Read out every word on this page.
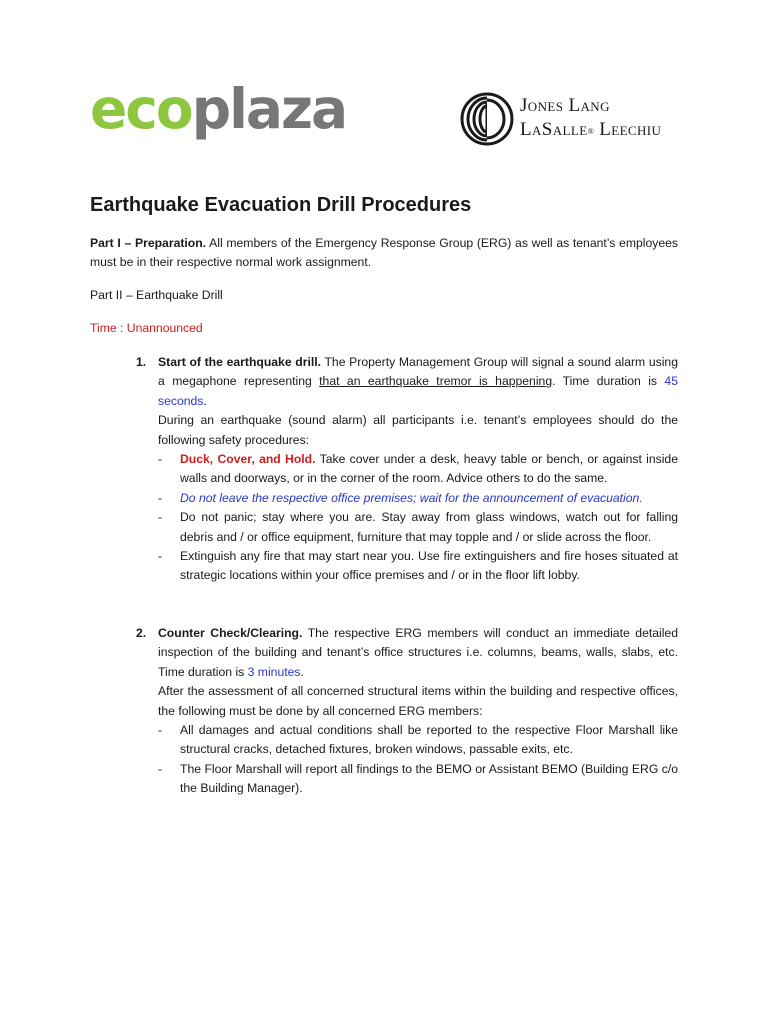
ecoplaza	Jones Lang
LaSalle® Leechiu
Earthquake Evacuation Drill Procedures
Part I – Preparation. All members of the Emergency Response Group (ERG) as well as tenant’s employees must be in their respective normal work assignment.
Part II – Earthquake Drill
Time : Unannounced
1. Start of the earthquake drill. The Property Management Group will signal a sound alarm using a megaphone representing that an earthquake tremor is happening. Time duration is 45 seconds.
During an earthquake (sound alarm) all participants i.e. tenant’s employees should do the following safety procedures:
- Duck, Cover, and Hold. Take cover under a desk, heavy table or bench, or against inside walls and doorways, or in the corner of the room. Advice others to do the same.
- Do not leave the respective office premises; wait for the announcement of evacuation.
- Do not panic; stay where you are. Stay away from glass windows, watch out for falling debris and / or office equipment, furniture that may topple and / or slide across the floor.
- Extinguish any fire that may start near you. Use fire extinguishers and fire hoses situated at strategic locations within your office premises and / or in the floor lift lobby.
2. Counter Check/Clearing. The respective ERG members will conduct an immediate detailed inspection of the building and tenant’s office structures i.e. columns, beams, walls, slabs, etc. Time duration is 3 minutes.
After the assessment of all concerned structural items within the building and respective offices, the following must be done by all concerned ERG members:
- All damages and actual conditions shall be reported to the respective Floor Marshall like structural cracks, detached fixtures, broken windows, passable exits, etc.
- The Floor Marshall will report all findings to the BEMO or Assistant BEMO (Building ERG c/o the Building Manager).
